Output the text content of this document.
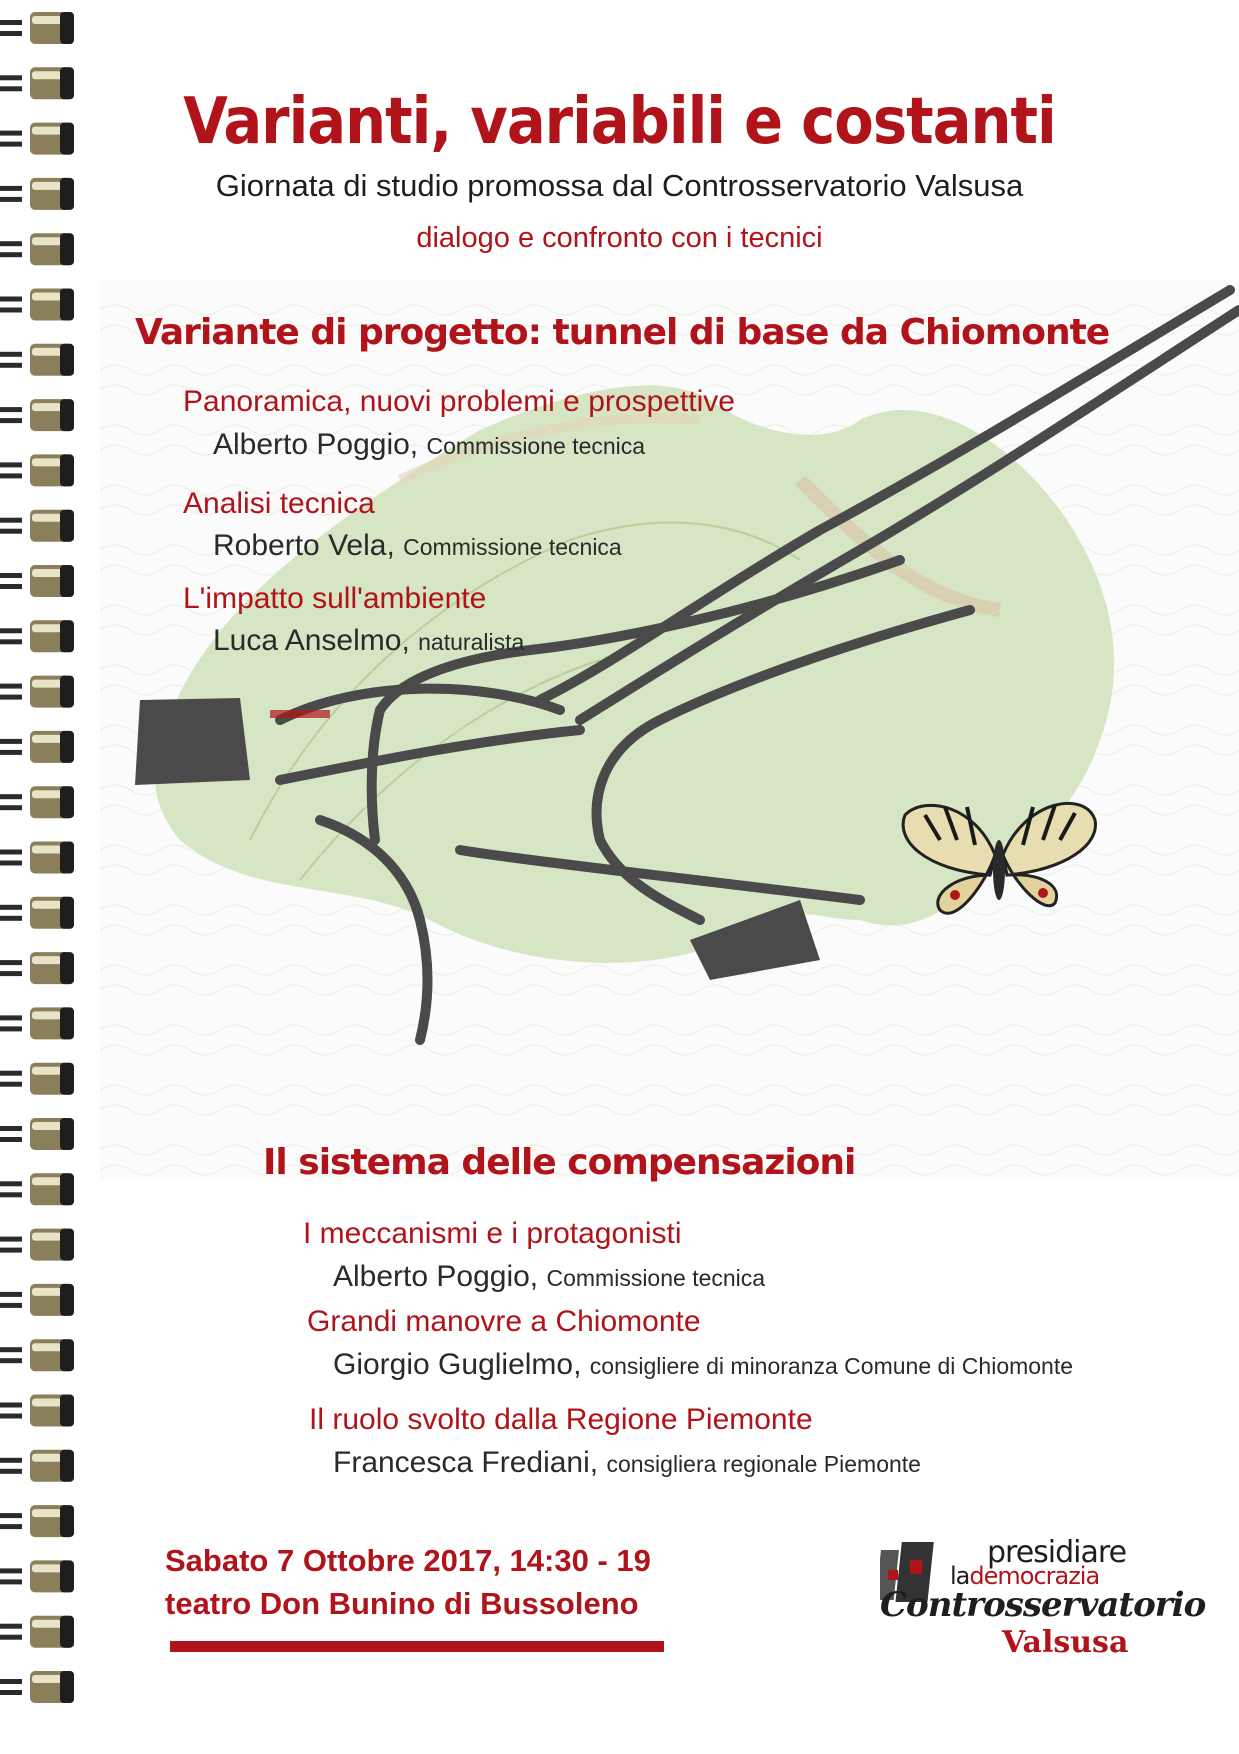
Varianti, variabili e costanti
Giornata di studio promossa dal Controsservatorio Valsusa
dialogo e confronto con i tecnici
Variante di progetto: tunnel di base da Chiomonte
Panoramica, nuovi problemi e prospettive
Alberto Poggio, Commissione tecnica
Analisi tecnica
Roberto Vela, Commissione tecnica
L'impatto sull'ambiente
Luca Anselmo, naturalista
Il sistema delle compensazioni
I meccanismi e i protagonisti
Alberto Poggio, Commissione tecnica
Grandi manovre a Chiomonte
Giorgio Guglielmo, consigliere di minoranza Comune di Chiomonte
Il ruolo svolto dalla Regione Piemonte
Francesca Frediani, consigliera regionale Piemonte
Sabato 7 Ottobre 2017, 14:30 - 19
teatro Don Bunino di Bussoleno
presidiare
lademocrazia
Controsservatorio
Valsusa
